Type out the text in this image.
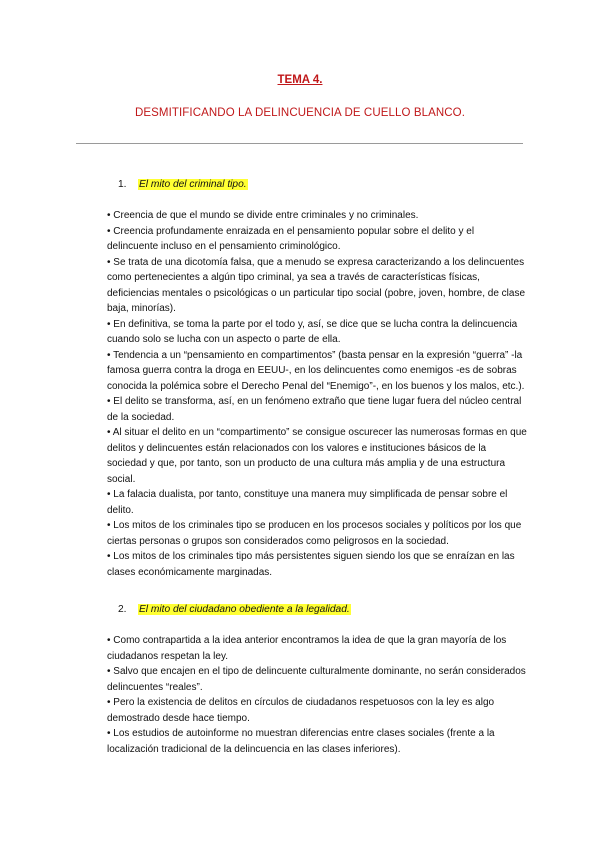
TEMA 4.
DESMITIFICANDO LA DELINCUENCIA DE CUELLO BLANCO.
1. El mito del criminal tipo.
• Creencia de que el mundo se divide entre criminales y no criminales.
• Creencia profundamente enraizada en el pensamiento popular sobre el delito y el delincuente incluso en el pensamiento criminológico.
• Se trata de una dicotomía falsa, que a menudo se expresa caracterizando a los delincuentes como pertenecientes a algún tipo criminal, ya sea a través de características físicas, deficiencias mentales o psicológicas o un particular tipo social (pobre, joven, hombre, de clase baja, minorías).
• En definitiva, se toma la parte por el todo y, así, se dice que se lucha contra la delincuencia cuando solo se lucha con un aspecto o parte de ella.
• Tendencia a un “pensamiento en compartimentos” (basta pensar en la expresión “guerra” -la famosa guerra contra la droga en EEUU-, en los delincuentes como enemigos -es de sobras conocida la polémica sobre el Derecho Penal del “Enemigo”-, en los buenos y los malos, etc.).
• El delito se transforma, así, en un fenómeno extraño que tiene lugar fuera del núcleo central de la sociedad.
• Al situar el delito en un “compartimento” se consigue oscurecer las numerosas formas en que delitos y delincuentes están relacionados con los valores e instituciones básicos de la sociedad y que, por tanto, son un producto de una cultura más amplia y de una estructura social.
• La falacia dualista, por tanto, constituye una manera muy simplificada de pensar sobre el delito.
• Los mitos de los criminales tipo se producen en los procesos sociales y políticos por los que ciertas personas o grupos son considerados como peligrosos en la sociedad.
• Los mitos de los criminales tipo más persistentes siguen siendo los que se enraízan en las clases económicamente marginadas.
2. El mito del ciudadano obediente a la legalidad.
• Como contrapartida a la idea anterior encontramos la idea de que la gran mayoría de los ciudadanos respetan la ley.
• Salvo que encajen en el tipo de delincuente culturalmente dominante, no serán considerados delincuentes “reales”.
• Pero la existencia de delitos en círculos de ciudadanos respetuosos con la ley es algo demostrado desde hace tiempo.
• Los estudios de autoinforme no muestran diferencias entre clases sociales (frente a la localización tradicional de la delincuencia en las clases inferiores).
